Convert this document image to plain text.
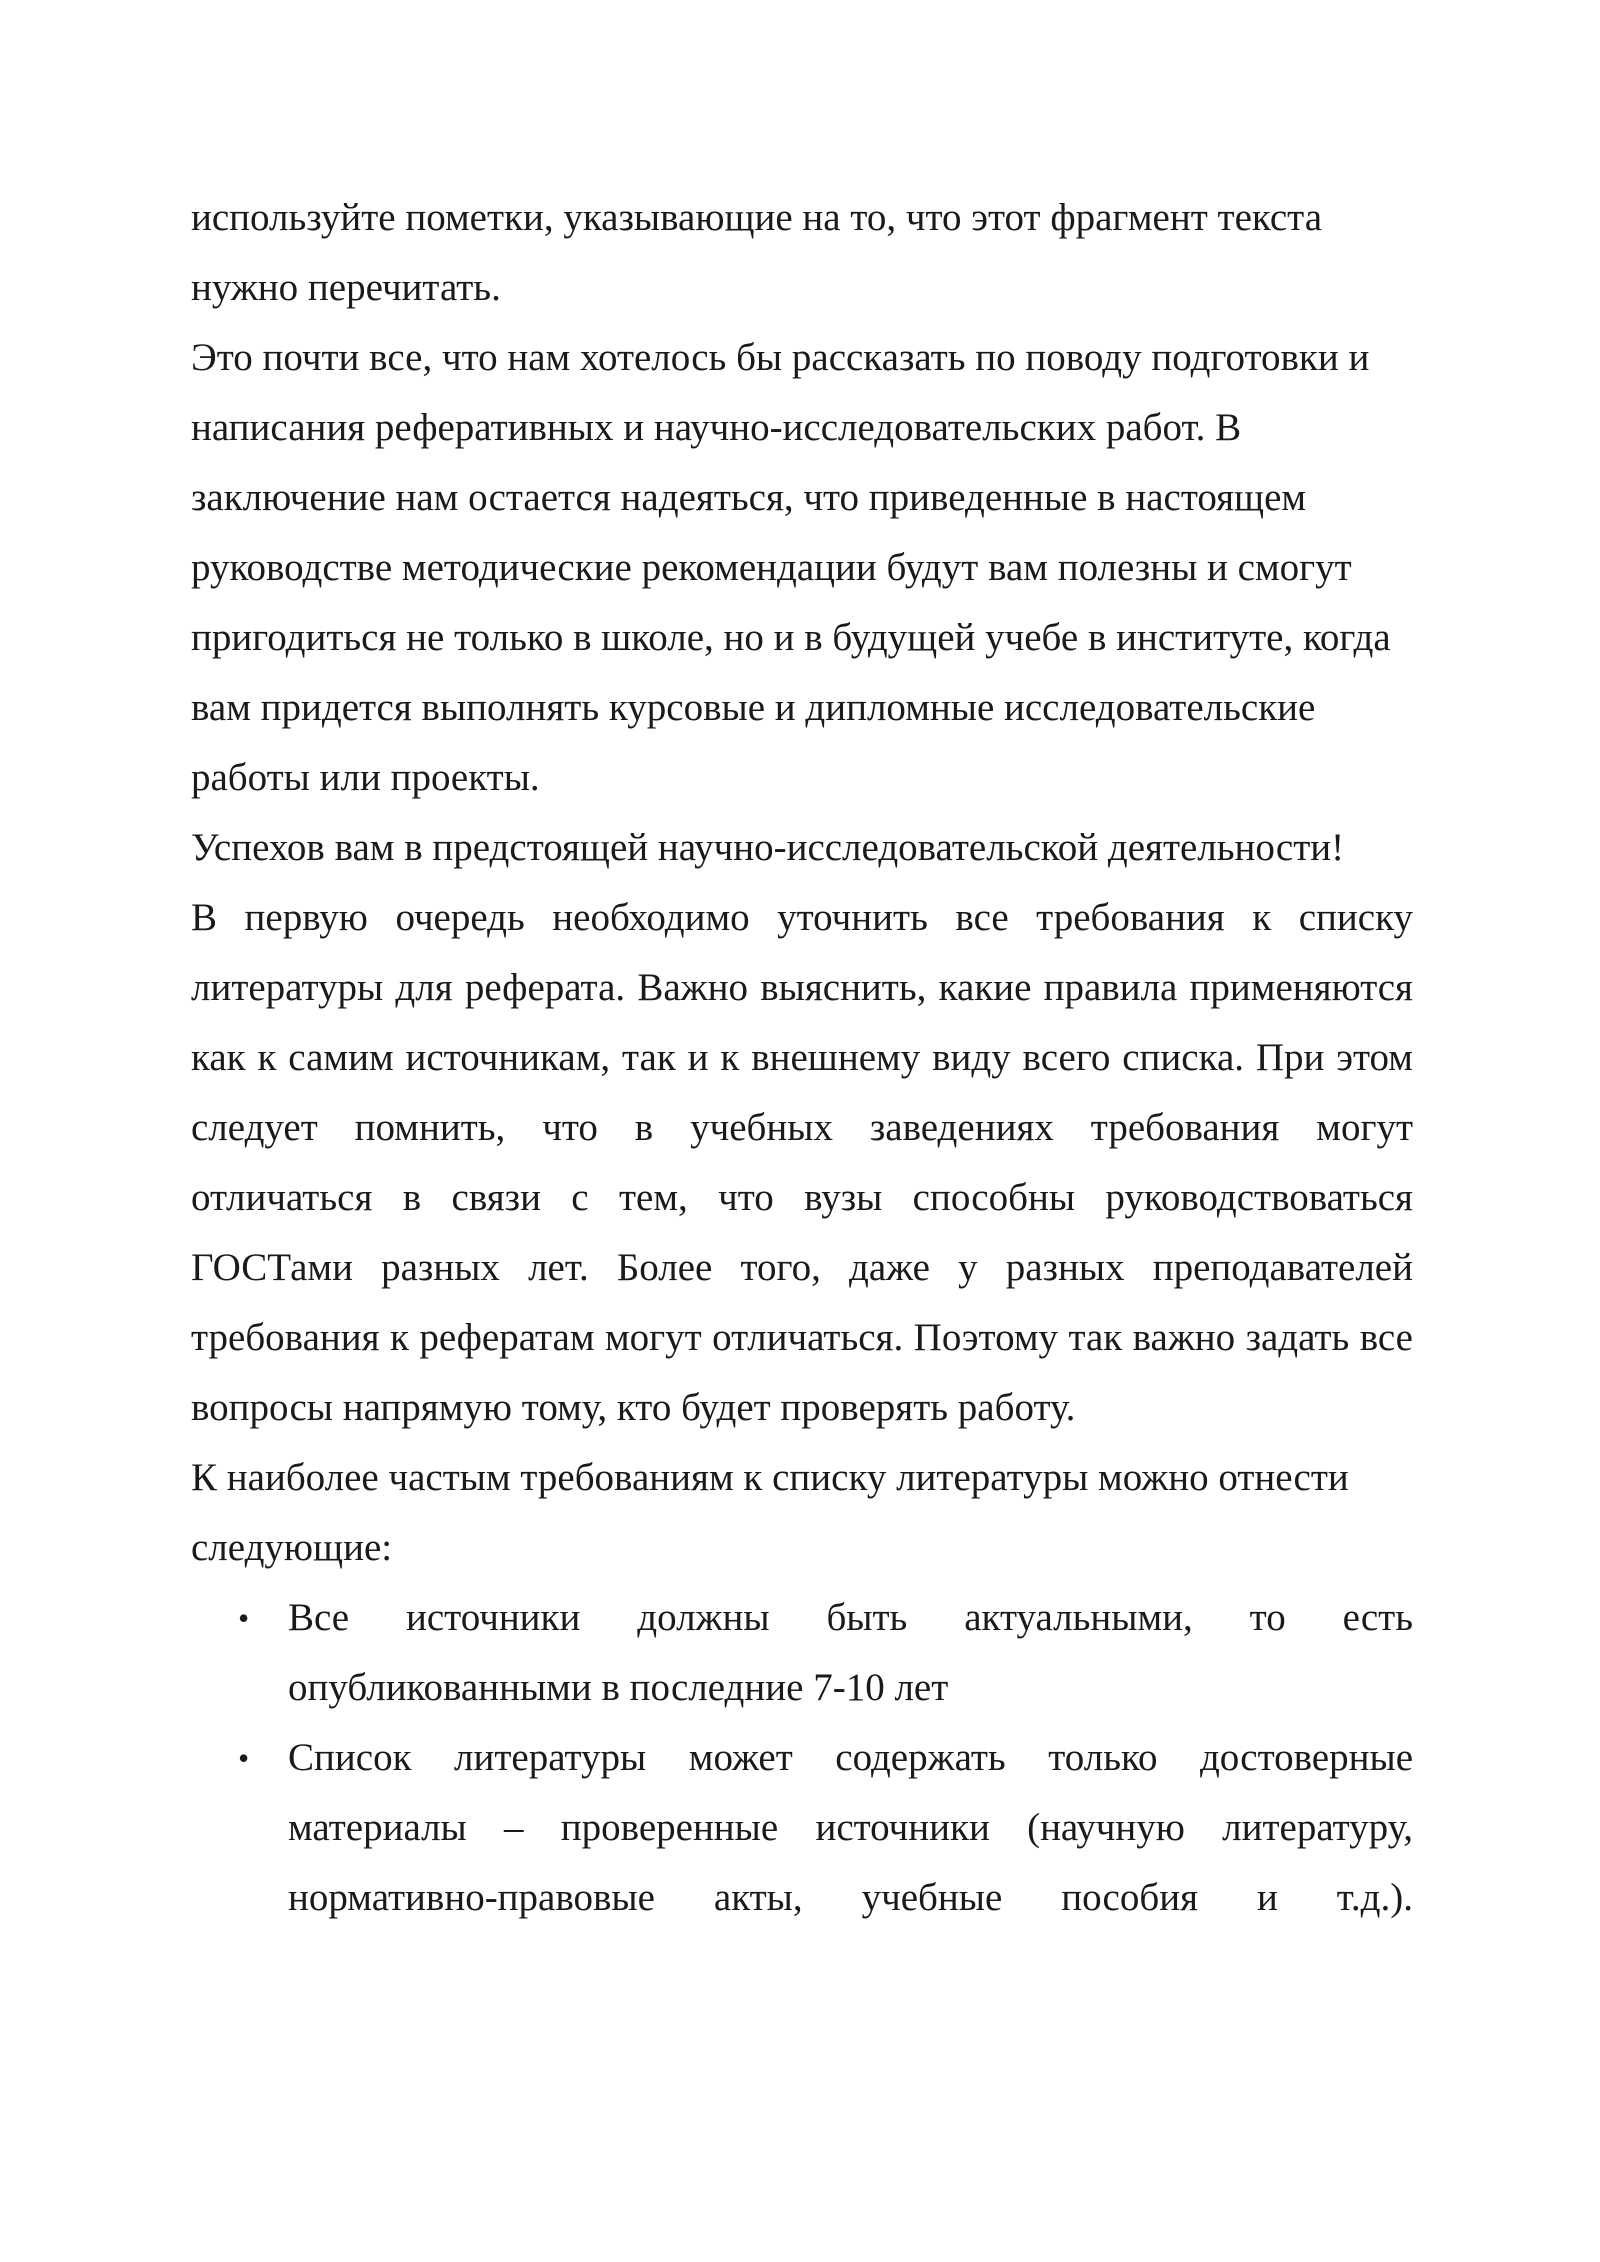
используйте пометки, указывающие на то, что этот фрагмент текста нужно перечитать.

Это почти все, что нам хотелось бы рассказать по поводу подготовки и написания реферативных и научно-исследовательских работ. В заключение нам остается надеяться, что приведенные в настоящем руководстве методические рекомендации будут вам полезны и смогут пригодиться не только в школе, но и в будущей учебе в институте, когда вам придется выполнять курсовые и дипломные исследовательские работы или проекты.

Успехов вам в предстоящей научно-исследовательской деятельности!

В первую очередь необходимо уточнить все требования к списку литературы для реферата. Важно выяснить, какие правила применяются как к самим источникам, так и к внешнему виду всего списка. При этом следует помнить, что в учебных заведениях требования могут отличаться в связи с тем, что вузы способны руководствоваться ГОСТами разных лет. Более того, даже у разных преподавателей требования к рефератам могут отличаться. Поэтому так важно задать все вопросы напрямую тому, кто будет проверять работу.

К наиболее частым требованиям к списку литературы можно отнести следующие:

• Все источники должны быть актуальными, то есть опубликованными в последние 7-10 лет
• Список литературы может содержать только достоверные материалы – проверенные источники (научную литературу, нормативно-правовые акты, учебные пособия и т.д.).
